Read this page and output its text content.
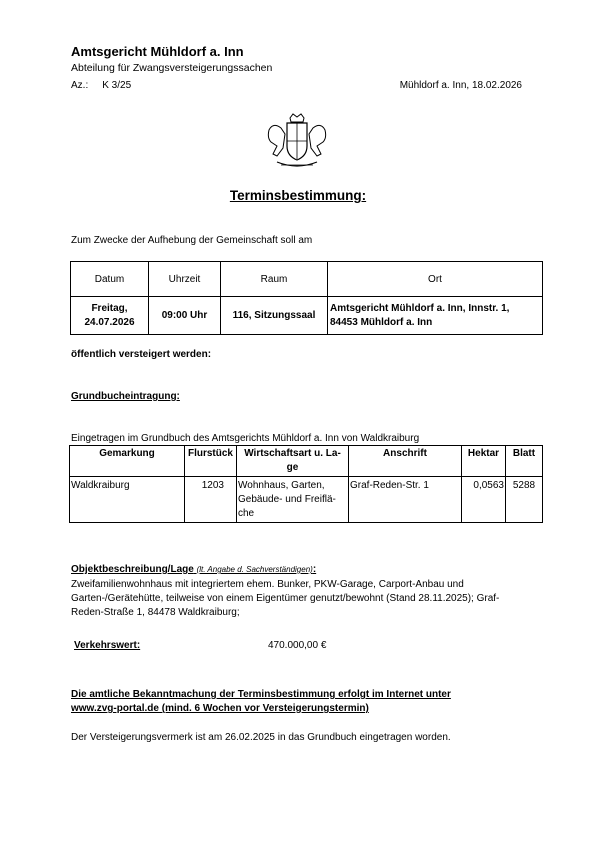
Amtsgericht Mühldorf a. Inn
Abteilung für Zwangsversteigerungssachen
Az.: K 3/25	Mühldorf a. Inn, 18.02.2026
Terminsbestimmung:
Zum Zwecke der Aufhebung der Gemeinschaft soll am
Datum	Uhrzeit	Raum	Ort
Freitag,
24.07.2026	09:00 Uhr	116, Sitzungssaal	Amtsgericht Mühldorf a. Inn, Innstr. 1,
84453 Mühldorf a. Inn
öffentlich versteigert werden:
Grundbucheintragung:
Eingetragen im Grundbuch des Amtsgerichts Mühldorf a. Inn von Waldkraiburg
Gemarkung	Flurstück	Wirtschaftsart u. La-
ge	Anschrift	Hektar	Blatt
Waldkraiburg	1203	Wohnhaus, Garten,
Gebäude- und Freiflä-
che	Graf-Reden-Str. 1	0,0563	5288
Objektbeschreibung/Lage (lt. Angabe d. Sachverständigen):
Zweifamilienwohnhaus mit integriertem ehem. Bunker, PKW-Garage, Carport-Anbau und Garten-/Gerätehütte, teilweise von einem Eigentümer genutzt/bewohnt (Stand 28.11.2025); Graf-Reden-Straße 1, 84478 Waldkraiburg;
Verkehrswert:	470.000,00 €
Die amtliche Bekanntmachung der Terminsbestimmung erfolgt im Internet unter
www.zvg-portal.de (mind. 6 Wochen vor Versteigerungstermin)
Der Versteigerungsvermerk ist am 26.02.2025 in das Grundbuch eingetragen worden.
